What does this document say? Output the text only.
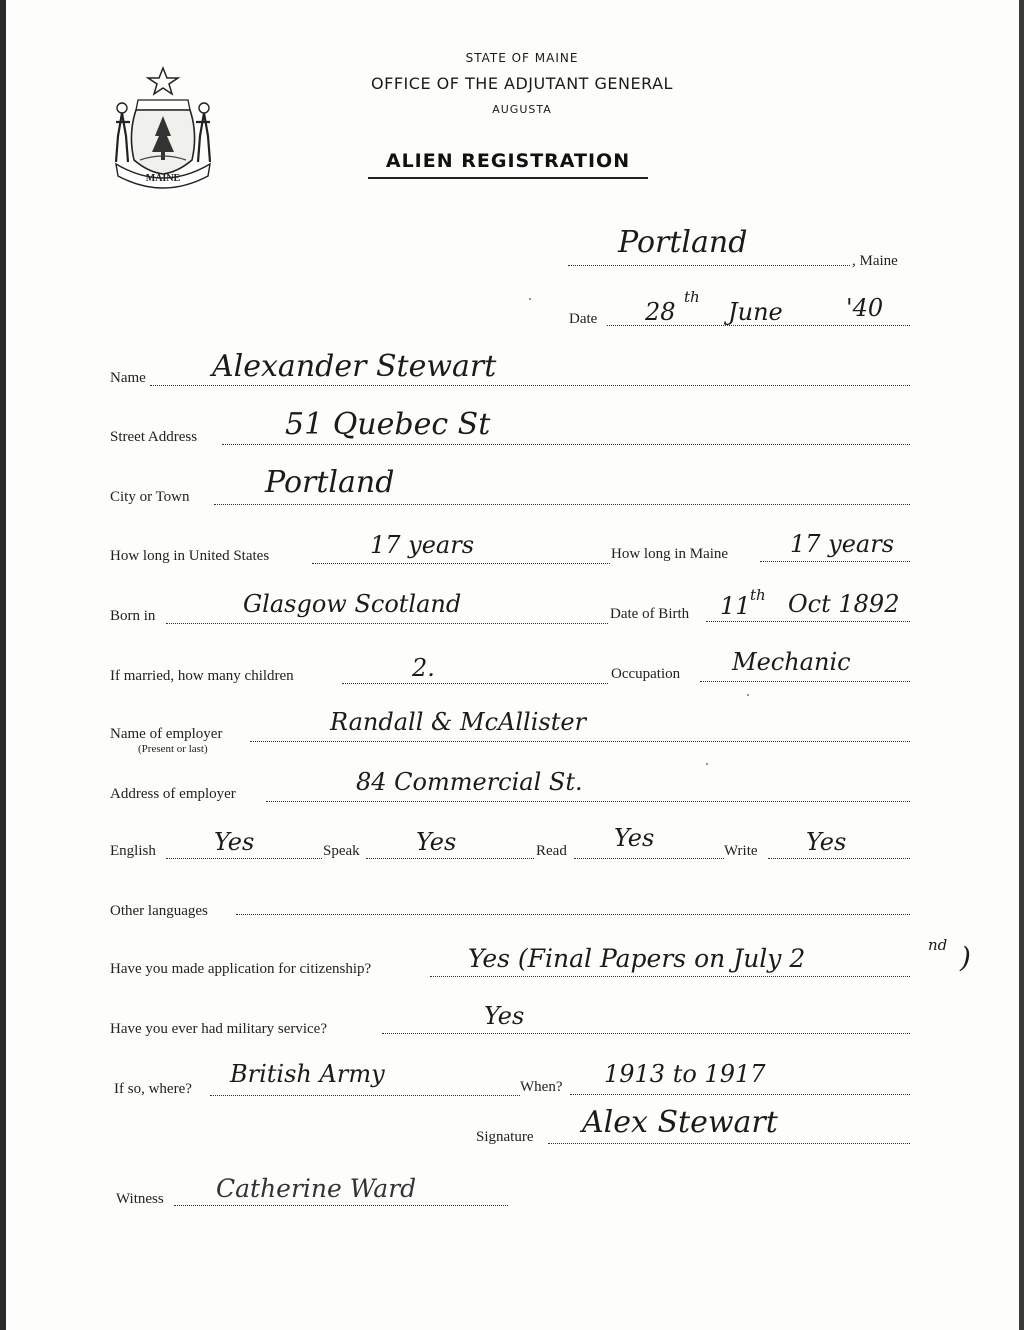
MAINE
STATE OF MAINE
OFFICE OF THE ADJUTANT GENERAL
AUGUSTA
ALIEN REGISTRATION
Portland
, Maine
Date 28
th
June	'40
Name Alexander Stewart
Street Address	51 Quebec St
City or Town	Portland
How long in United States	17 years	How long in Maine	17 years
Born in	Glasgow Scotland	Date of Birth 11 th Oct 1892
If married, how many children	2.	Occupation Mechanic
Name of employer
(Present or last)
Randall & McAllister
Address of employer	84 Commercial St.
English Yes	Speak Yes	Read Yes	Write Yes
Other languages
Have you made application for citizenship?	Yes (Final Papers on July 2	nd )
Have you ever had military service?	Yes
If so, where?
British Army	When? 1913 to 1917
Signature Alex Stewart
Witness Catherine Ward
